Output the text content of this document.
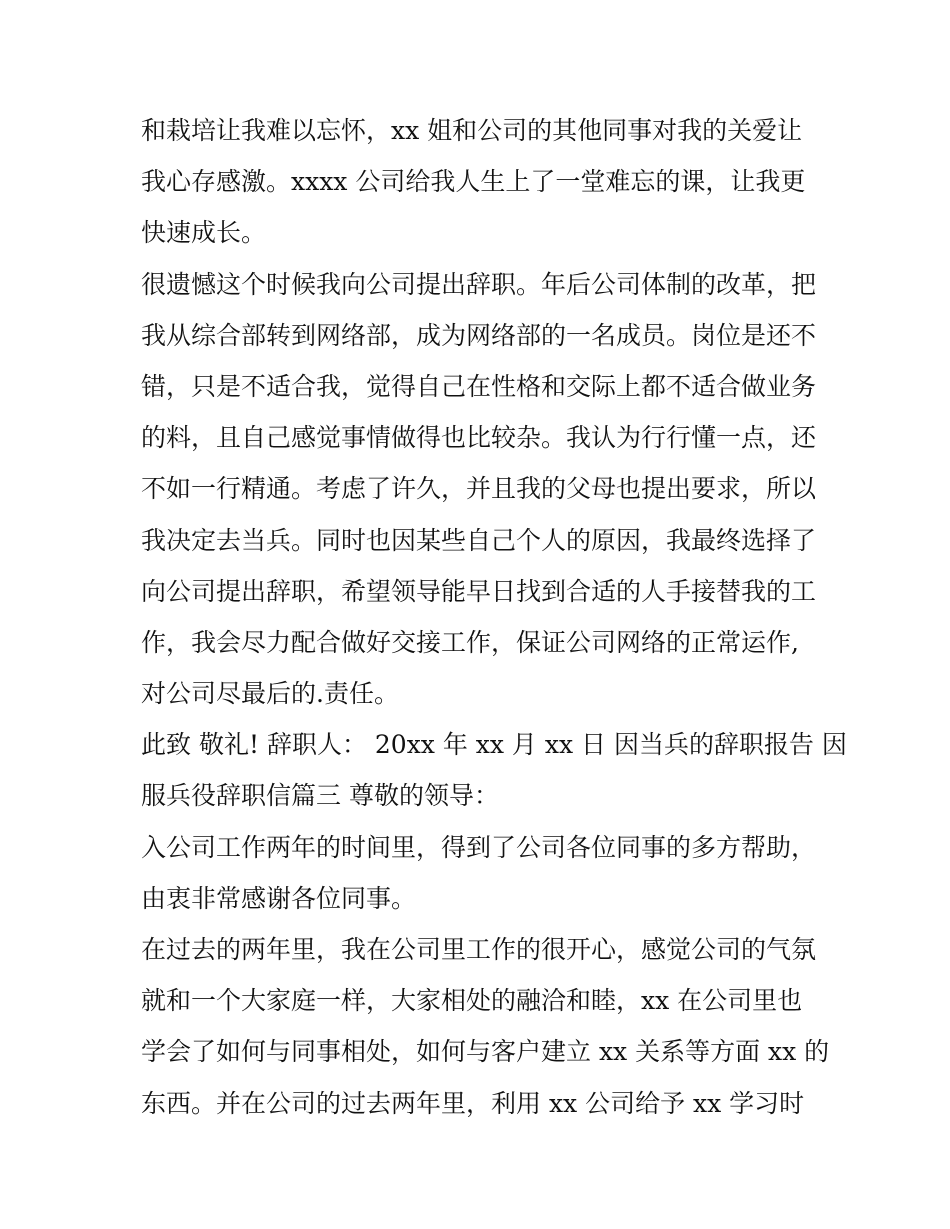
和栽培让我难以忘怀，xx 姐和公司的其他同事对我的关爱让
我心存感激。xxxx 公司给我人生上了一堂难忘的课，让我更
快速成长。
很遗憾这个时候我向公司提出辞职。年后公司体制的改革，把
我从综合部转到网络部，成为网络部的一名成员。岗位是还不
错，只是不适合我，觉得自己在性格和交际上都不适合做业务
的料，且自己感觉事情做得也比较杂。我认为行行懂一点，还
不如一行精通。考虑了许久，并且我的父母也提出要求，所以
我决定去当兵。同时也因某些自己个人的原因，我最终选择了
向公司提出辞职，希望领导能早日找到合适的人手接替我的工
作，我会尽力配合做好交接工作，保证公司网络的正常运作,
对公司尽最后的.责任。
此致 敬礼! 辞职人： 20xx 年 xx 月 xx 日 因当兵的辞职报告 因
服兵役辞职信篇三 尊敬的领导：
入公司工作两年的时间里，得到了公司各位同事的多方帮助，
由衷非常感谢各位同事。
在过去的两年里，我在公司里工作的很开心，感觉公司的气氛
就和一个大家庭一样，大家相处的融洽和睦，xx 在公司里也
学会了如何与同事相处，如何与客户建立 xx 关系等方面 xx 的
东西。并在公司的过去两年里，利用 xx 公司给予 xx 学习时
